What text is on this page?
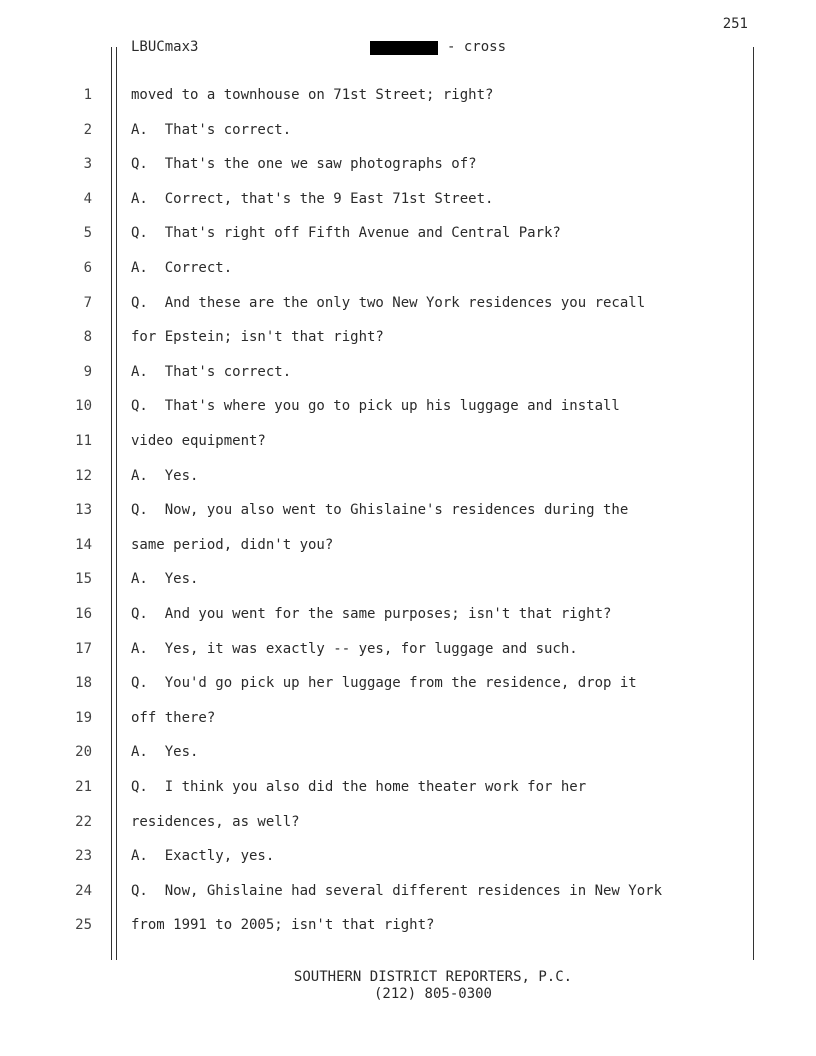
251
LBUCmax3	- cross
1	moved to a townhouse on 71st Street; right?
2	A.  That's correct.
3	Q.  That's the one we saw photographs of?
4	A.  Correct, that's the 9 East 71st Street.
5	Q.  That's right off Fifth Avenue and Central Park?
6	A.  Correct.
7	Q.  And these are the only two New York residences you recall
8	for Epstein; isn't that right?
9	A.  That's correct.
10	Q.  That's where you go to pick up his luggage and install
11	video equipment?
12	A.  Yes.
13	Q.  Now, you also went to Ghislaine's residences during the
14	same period, didn't you?
15	A.  Yes.
16	Q.  And you went for the same purposes; isn't that right?
17	A.  Yes, it was exactly -- yes, for luggage and such.
18	Q.  You'd go pick up her luggage from the residence, drop it
19	off there?
20	A.  Yes.
21	Q.  I think you also did the home theater work for her
22	residences, as well?
23	A.  Exactly, yes.
24	Q.  Now, Ghislaine had several different residences in New York
25	from 1991 to 2005; isn't that right?
SOUTHERN DISTRICT REPORTERS, P.C.
(212) 805-0300
